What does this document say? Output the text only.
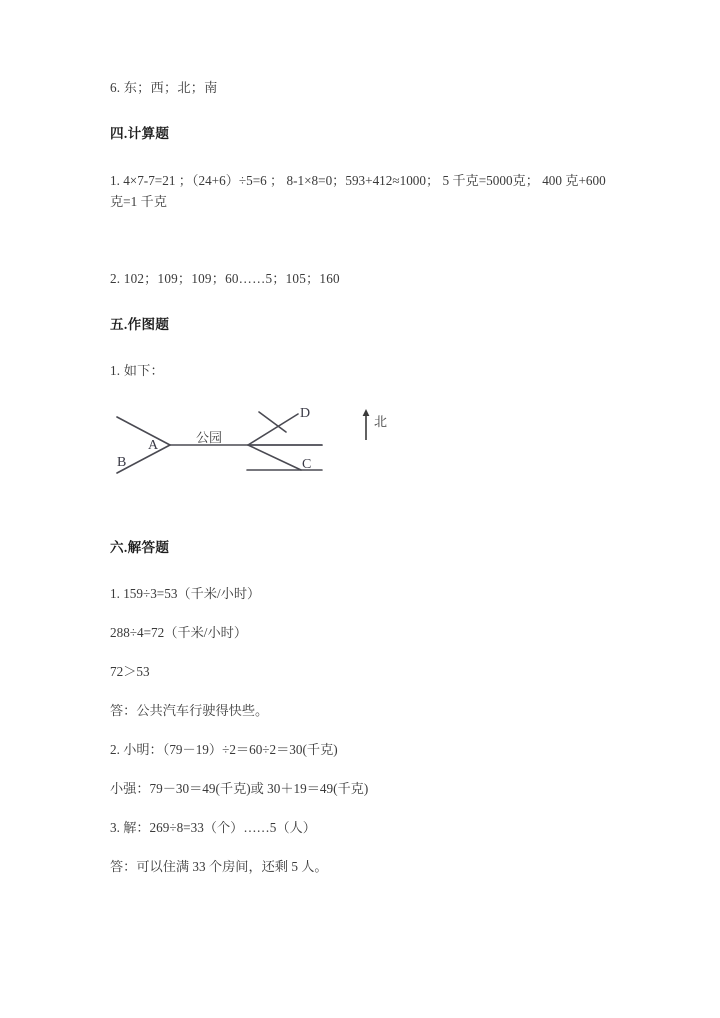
6. 东；西；北；南

四.计算题

1. 4×7-7=21 ；（24+6）÷5=6 ； 8-1×8=0；593+412≈1000； 5 千克=5000克； 400 克+600 克=1 千克

2. 102；109；109；60……5；105；160

五.作图题

1. 如下：

A
B	C
D
公园
北

六.解答题

1. 159÷3=53（千米/小时）

288÷4=72（千米/小时）

72＞53

答：公共汽车行驶得快些。

2. 小明：（79－19）÷2＝60÷2＝30(千克)

小强：79－30＝49(千克)或 30＋19＝49(千克)

3. 解：269÷8=33（个）……5（人）

答：可以住满 33 个房间，还剩 5 人。
